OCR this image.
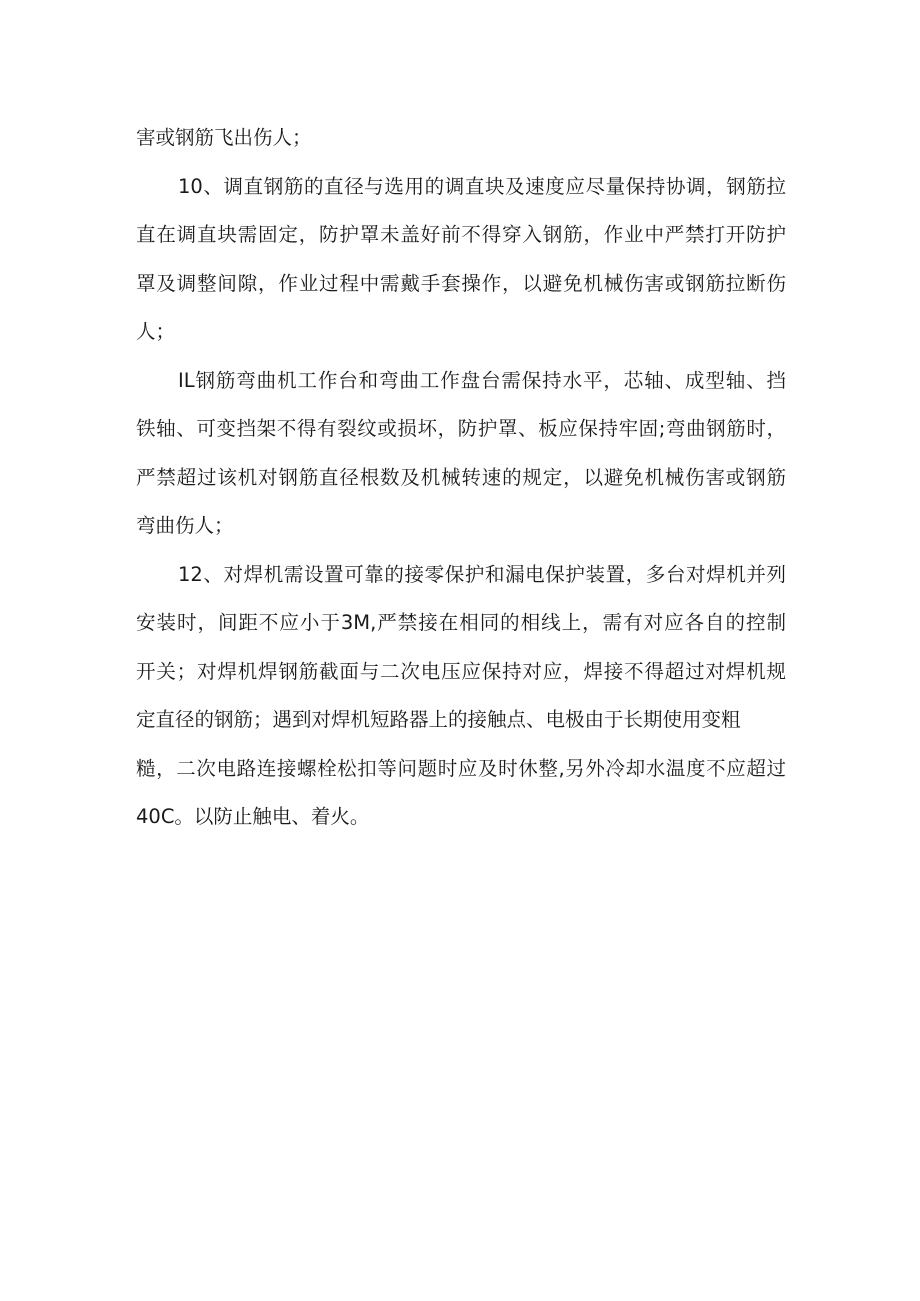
害或钢筋飞出伤人；
10、调直钢筋的直径与选用的调直块及速度应尽量保持协调，钢筋拉
直在调直块需固定，防护罩未盖好前不得穿入钢筋，作业中严禁打开防护
罩及调整间隙，作业过程中需戴手套操作，以避免机械伤害或钢筋拉断伤
人；
IL钢筋弯曲机工作台和弯曲工作盘台需保持水平，芯轴、成型轴、挡
铁轴、可变挡架不得有裂纹或损坏，防护罩、板应保持牢固;弯曲钢筋时，
严禁超过该机对钢筋直径根数及机械转速的规定，以避免机械伤害或钢筋
弯曲伤人；
12、对焊机需设置可靠的接零保护和漏电保护装置，多台对焊机并列
安装时，间距不应小于3M,严禁接在相同的相线上，需有对应各自的控制
开关；对焊机焊钢筋截面与二次电压应保持对应，焊接不得超过对焊机规
定直径的钢筋；遇到对焊机短路器上的接触点、电极由于长期使用变粗
糙，二次电路连接螺栓松扣等问题时应及时休整,另外冷却水温度不应超过
40C。以防止触电、着火。
